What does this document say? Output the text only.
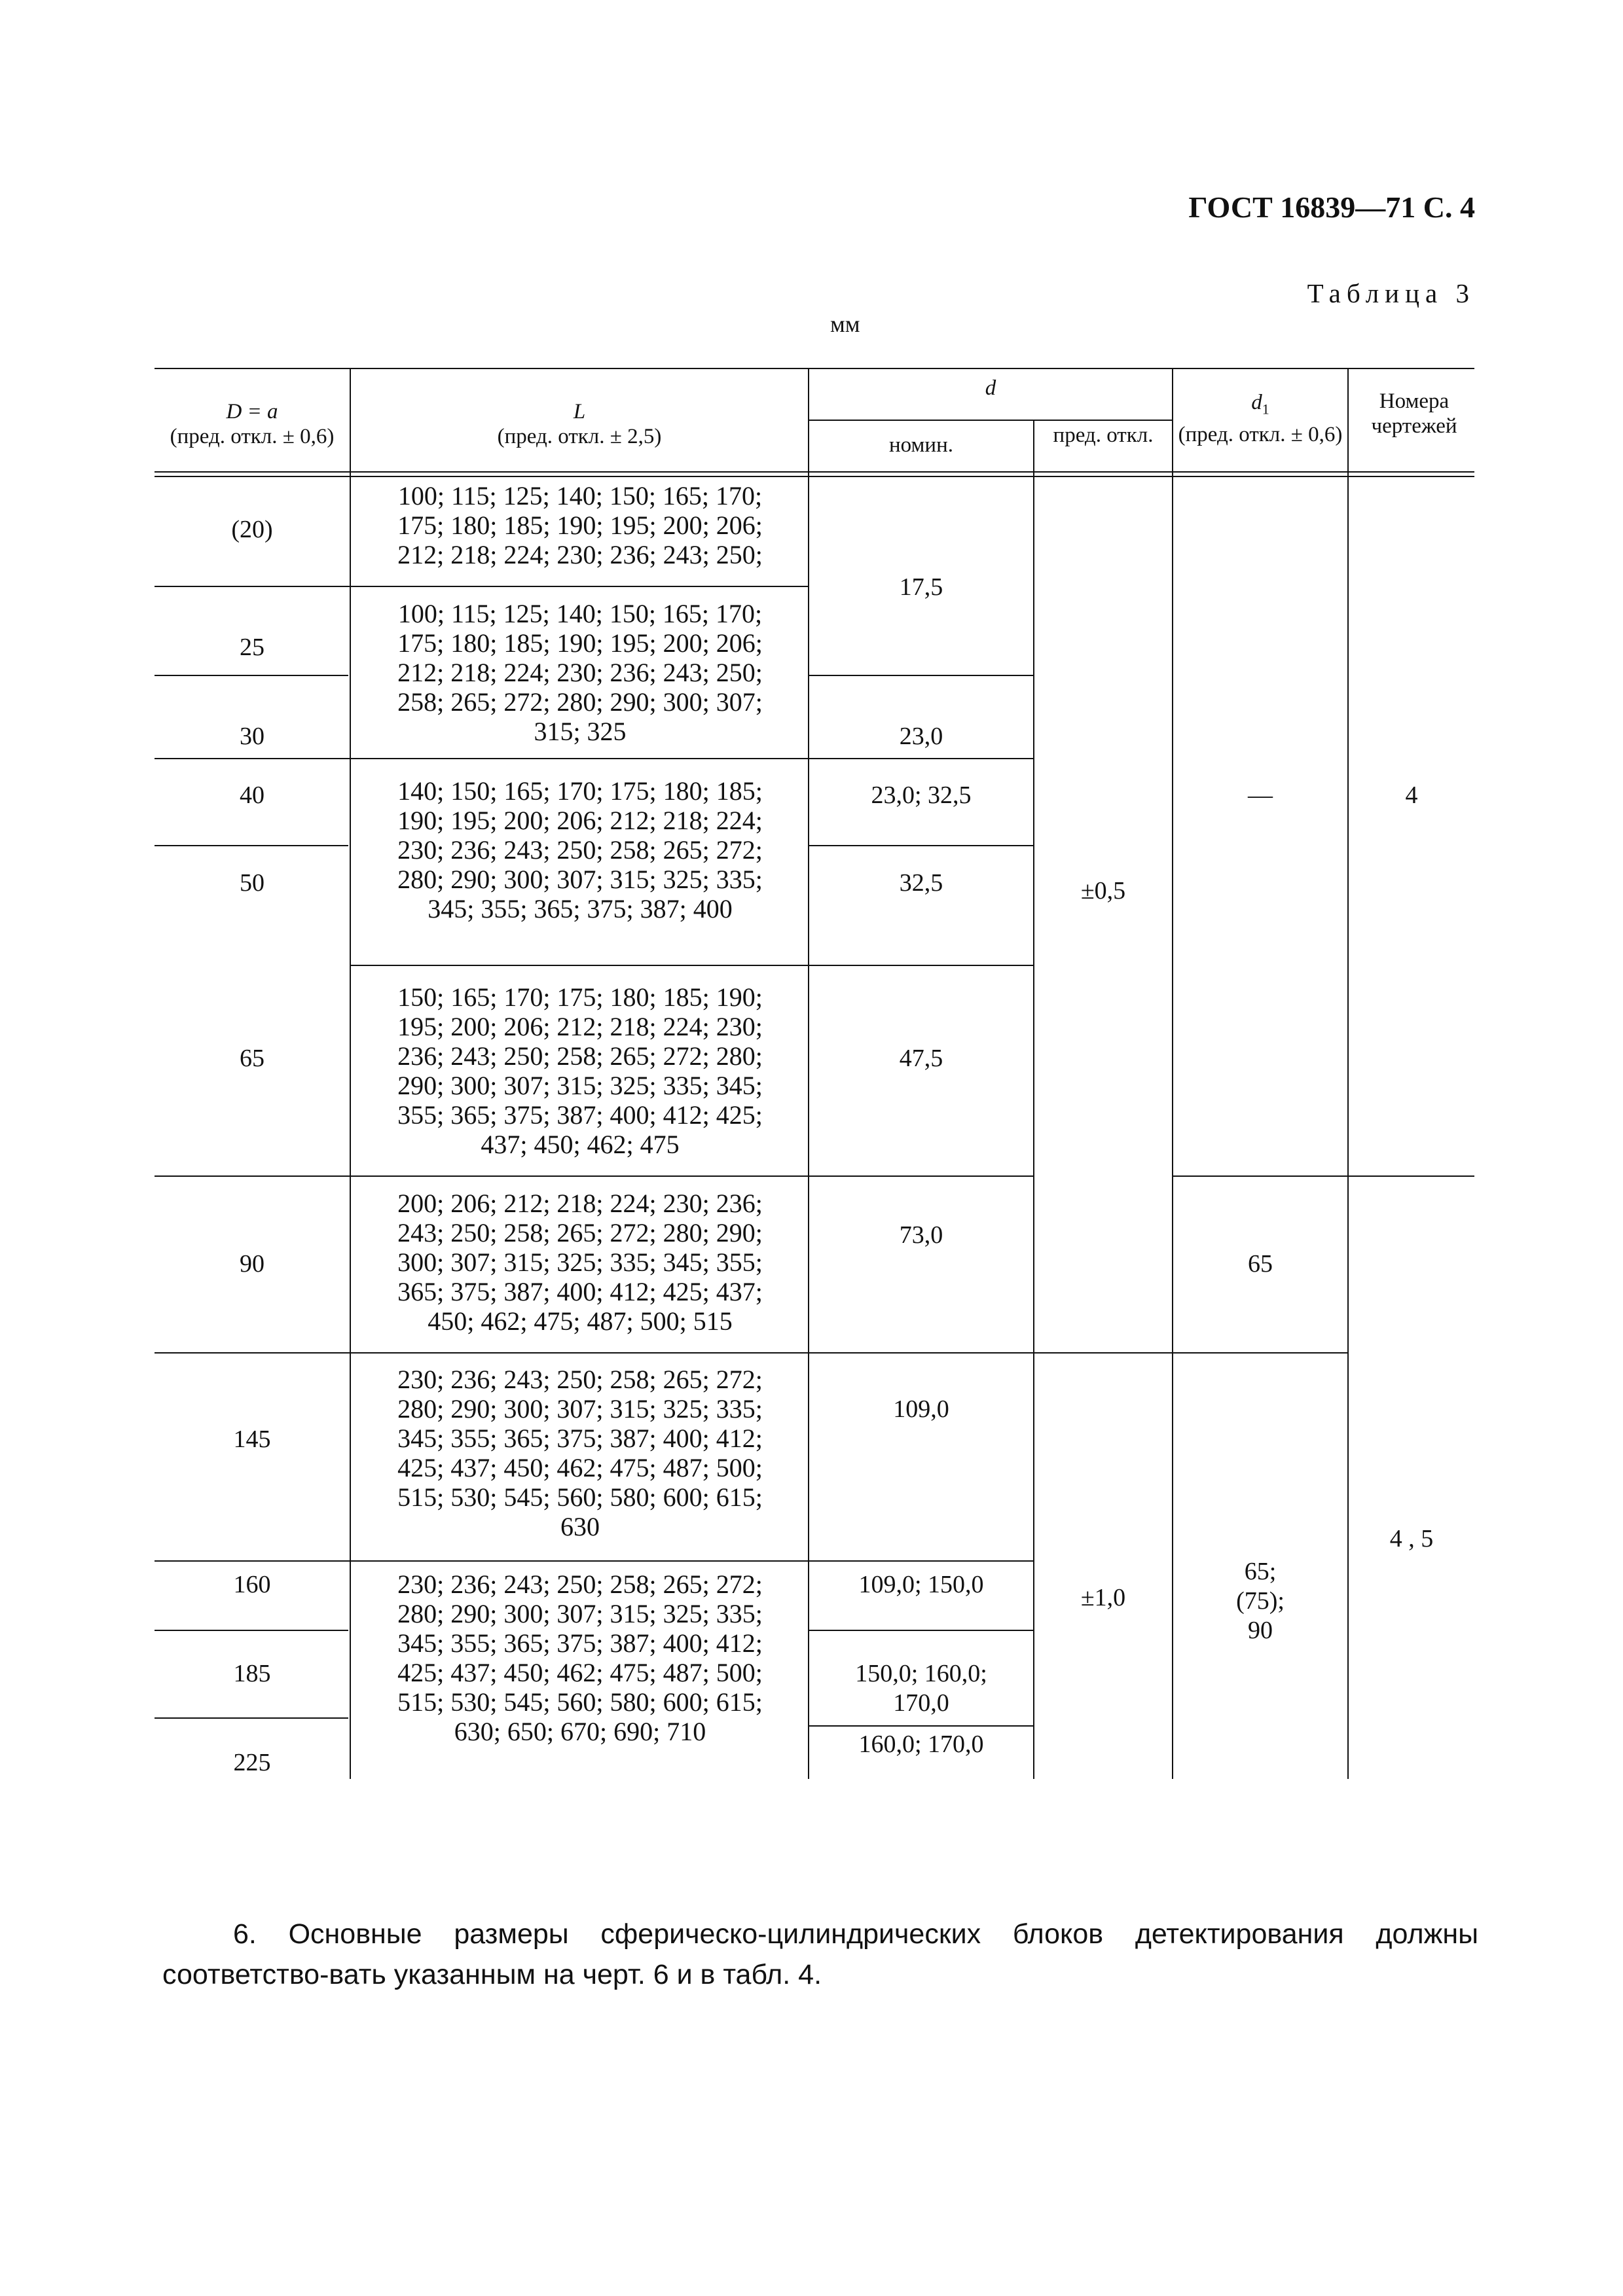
ГОСТ 16839—71 С. 4
Таблица 3
мм
D = a
(пред. откл. ± 0,6)
L
(пред. откл. ± 2,5)
d
номин.	пред. откл.
$d_1$
(пред. откл. ± 0,6)
Номера чертежей
(20)
25
30
40
50
65
90
145
160
185
225
100; 115; 125; 140; 150; 165; 170; 175; 180; 185; 190; 195; 200; 206; 212; 218; 224; 230; 236; 243; 250;
100; 115; 125; 140; 150; 165; 170; 175; 180; 185; 190; 195; 200; 206; 212; 218; 224; 230; 236; 243; 250; 258; 265; 272; 280; 290; 300; 307; 315; 325
140; 150; 165; 170; 175; 180; 185; 190; 195; 200; 206; 212; 218; 224; 230; 236; 243; 250; 258; 265; 272; 280; 290; 300; 307; 315; 325; 335; 345; 355; 365; 375; 387; 400
150; 165; 170; 175; 180; 185; 190; 195; 200; 206; 212; 218; 224; 230; 236; 243; 250; 258; 265; 272; 280; 290; 300; 307; 315; 325; 335; 345; 355; 365; 375; 387; 400; 412; 425; 437; 450; 462; 475
200; 206; 212; 218; 224; 230; 236; 243; 250; 258; 265; 272; 280; 290; 300; 307; 315; 325; 335; 345; 355; 365; 375; 387; 400; 412; 425; 437; 450; 462; 475; 487; 500; 515
230; 236; 243; 250; 258; 265; 272; 280; 290; 300; 307; 315; 325; 335; 345; 355; 365; 375; 387; 400; 412; 425; 437; 450; 462; 475; 487; 500; 515; 530; 545; 560; 580; 600; 615; 630
230; 236; 243; 250; 258; 265; 272; 280; 290; 300; 307; 315; 325; 335; 345; 355; 365; 375; 387; 400; 412; 425; 437; 450; 462; 475; 487; 500; 515; 530; 545; 560; 580; 600; 615; 630; 650; 670; 690; 710
17,5
23,0
23,0; 32,5
32,5
47,5
73,0
109,0
109,0; 150,0
150,0; 160,0; 170,0
160,0; 170,0
±0,5
±1,0
—
65
65; (75); 90
4
4 , 5
6. Основные размеры сферическо-цилиндрических блоков детектирования должны соответство-вать указанным на черт. 6 и в табл. 4.
